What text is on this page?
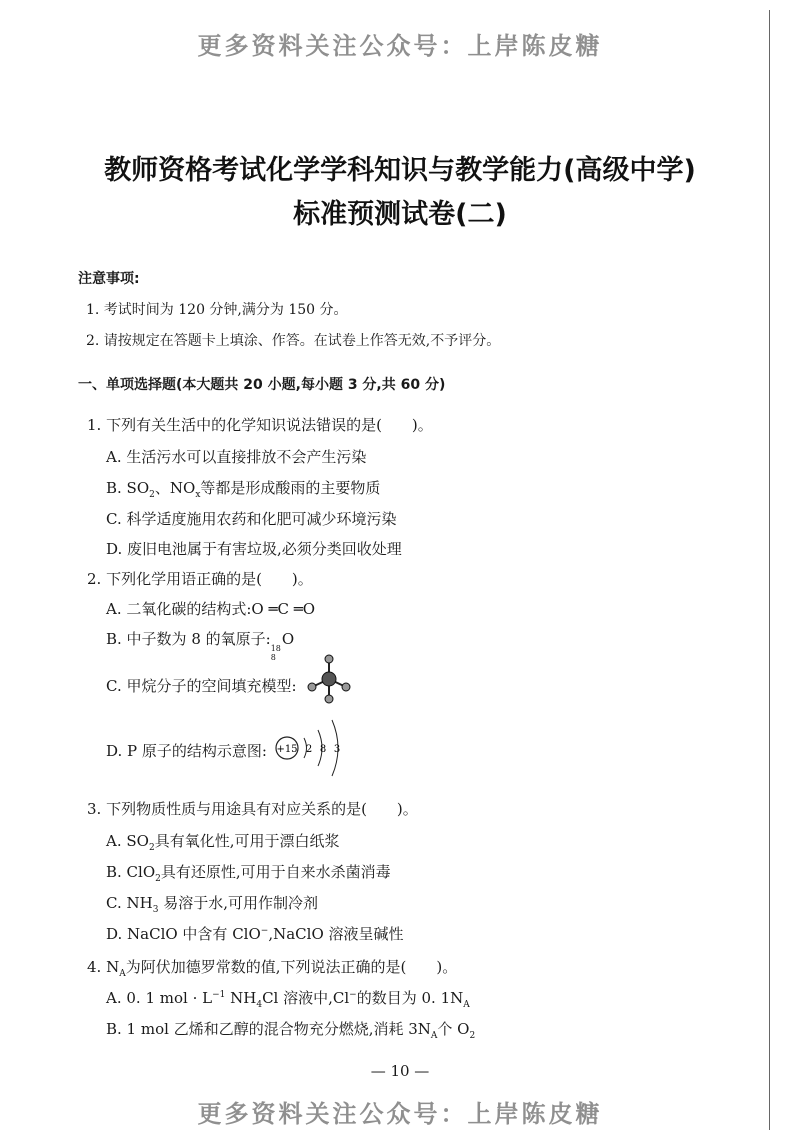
更多资料关注公众号：上岸陈皮糖
更多资料关注公众号：上岸陈皮糖
教师资格考试化学学科知识与教学能力(高级中学)
标准预测试卷(二)
注意事项:
1. 考试时间为 120 分钟,满分为 150 分。
2. 请按规定在答题卡上填涂、作答。在试卷上作答无效,不予评分。
一、单项选择题(本大题共 20 小题,每小题 3 分,共 60 分)
1. 下列有关生活中的化学知识说法错误的是(　　)。
A. 生活污水可以直接排放不会产生污染
B. $SO_2$、$NO_x$等都是形成酸雨的主要物质
C. 科学适度施用农药和化肥可减少环境污染
D. 废旧电池属于有害垃圾,必须分类回收处理
2. 下列化学用语正确的是(　　)。
A. 二氧化碳的结构式:O ═C ═O
B. 中子数为 8 的氧原子:
18
8
O
C. 甲烷分子的空间填充模型:
D. P 原子的结构示意图: +15 2 8 3
3. 下列物质性质与用途具有对应关系的是(　　)。
A. $SO_2$具有氧化性,可用于漂白纸浆
B. ClO$_2$具有还原性,可用于自来水杀菌消毒
C. $NH_3$ 易溶于水,可用作制冷剂
D. NaClO 中含有 ClO−,NaClO 溶液呈碱性
4. $N_A$为阿伏加德罗常数的值,下列说法正确的是(　　)。
A. 0. 1 mol · $L^{-1}$ $NH_4Cl$ 溶液中,Cl−的数目为 0. $1N_A$
B. 1 mol 乙烯和乙醇的混合物充分燃烧,消耗 $3N_A$个 $O_2$
— 10 —
